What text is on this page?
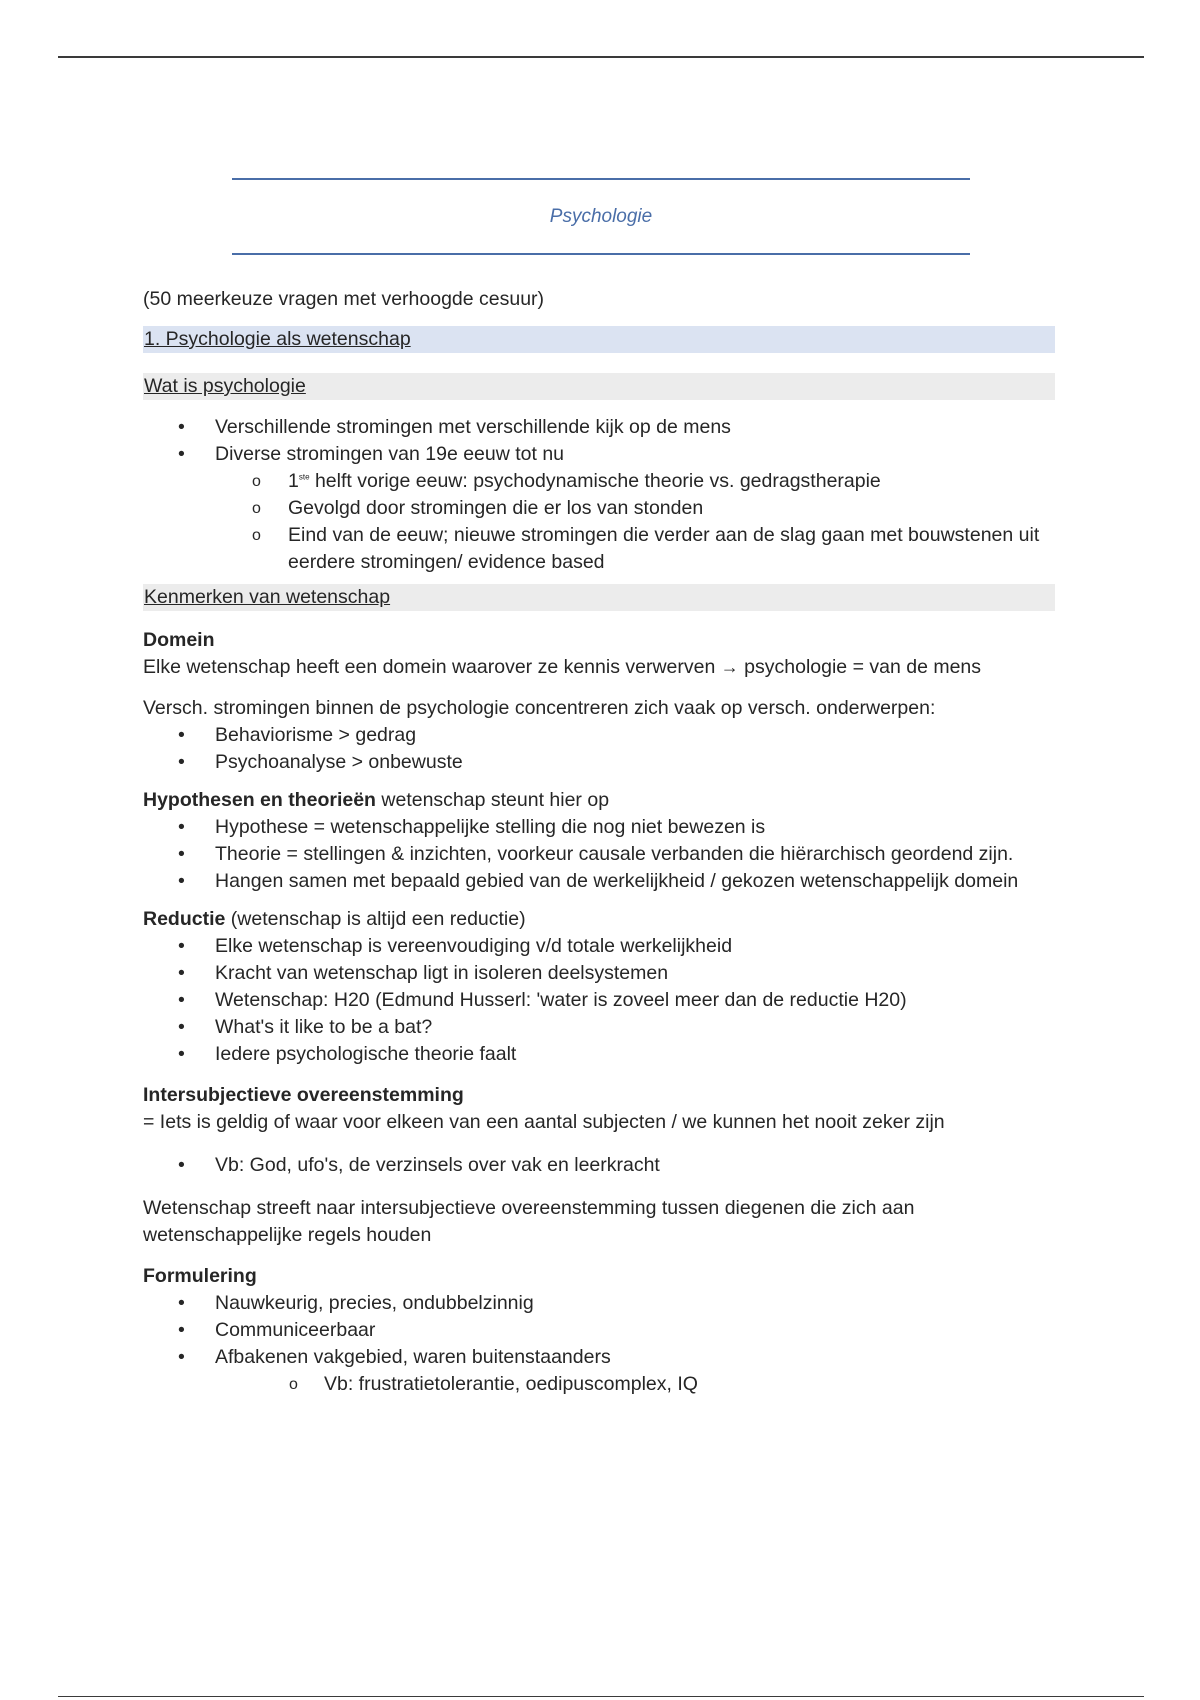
Psychologie

(50 meerkeuze vragen met verhoogde cesuur)

1. Psychologie als wetenschap
Wat is psychologie
• Verschillende stromingen met verschillende kijk op de mens
• Diverse stromingen van 19e eeuw tot nu
o 1ste helft vorige eeuw: psychodynamische theorie vs. gedragstherapie
o Gevolgd door stromingen die er los van stonden
o Eind van de eeuw; nieuwe stromingen die verder aan de slag gaan met bouwstenen uit eerdere stromingen/ evidence based
Kenmerken van wetenschap

Domein

Elke wetenschap heeft een domein waarover ze kennis verwerven → psychologie = van de mens

Versch. stromingen binnen de psychologie concentreren zich vaak op versch. onderwerpen:

• Behaviorisme > gedrag
• Psychoanalyse > onbewuste

Hypothesen en theorieën wetenschap steunt hier op

• Hypothese = wetenschappelijke stelling die nog niet bewezen is
• Theorie = stellingen & inzichten, voorkeur causale verbanden die hiërarchisch geordend zijn.
• Hangen samen met bepaald gebied van de werkelijkheid / gekozen wetenschappelijk domein

Reductie (wetenschap is altijd een reductie)

• Elke wetenschap is vereenvoudiging v/d totale werkelijkheid
• Kracht van wetenschap ligt in isoleren deelsystemen
• Wetenschap: H20 (Edmund Husserl: 'water is zoveel meer dan de reductie H20)
• What's it like to be a bat?
• Iedere psychologische theorie faalt

Intersubjectieve overeenstemming

= Iets is geldig of waar voor elkeen van een aantal subjecten / we kunnen het nooit zeker zijn

• Vb: God, ufo's, de verzinsels over vak en leerkracht

Wetenschap streeft naar intersubjectieve overeenstemming tussen diegenen die zich aan wetenschappelijke regels houden

Formulering

• Nauwkeurig, precies, ondubbelzinnig
• Communiceerbaar
• Afbakenen vakgebied, waren buitenstaanders
o Vb: frustratietolerantie, oedipuscomplex, IQ
